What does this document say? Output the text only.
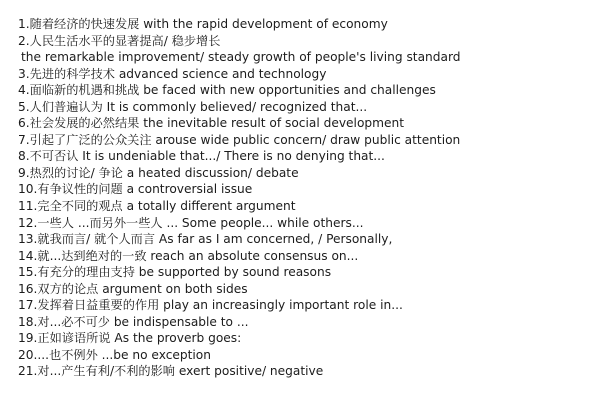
1.随着经济的快速发展 with the rapid development of economy
2.人民生活水平的显著提高/ 稳步增长
the remarkable improvement/ steady growth of people's living standard
3.先进的科学技术 advanced science and technology
4.面临新的机遇和挑战 be faced with new opportunities and challenges
5.人们普遍认为 It is commonly believed/ recognized that...
6.社会发展的必然结果 the inevitable result of social development
7.引起了广泛的公众关注 arouse wide public concern/ draw public attention
8.不可否认 It is undeniable that.../ There is no denying that...
9.热烈的讨论/ 争论 a heated discussion/ debate
10.有争议性的问题 a controversial issue
11.完全不同的观点 a totally different argument
12.一些人 ...而另外一些人 ... Some people... while others...
13.就我而言/ 就个人而言 As far as I am concerned, / Personally,
14.就...达到绝对的一致 reach an absolute consensus on...
15.有充分的理由支持 be supported by sound reasons
16.双方的论点 argument on both sides
17.发挥着日益重要的作用 play an increasingly important role in...
18.对...必不可少 be indispensable to ...
19.正如谚语所说 As the proverb goes:
20....也不例外 ...be no exception
21.对...产生有利/不利的影响 exert positive/ negative
